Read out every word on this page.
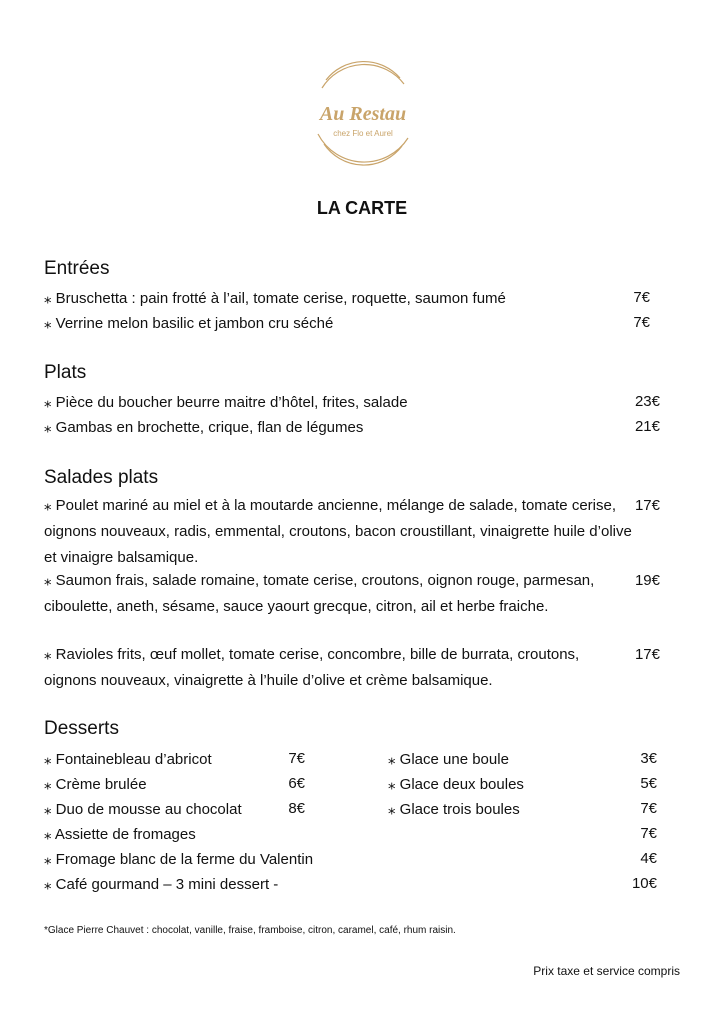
Au Restau
chez Flo et Aurel
LA CARTE
Entrées
⁎ Bruschetta : pain frotté à l’ail, tomate cerise, roquette, saumon fumé	7€
⁎ Verrine melon basilic et jambon cru séché	7€
Plats
⁎ Pièce du boucher beurre maitre d’hôtel, frites, salade	23€
⁎ Gambas en brochette, crique, flan de légumes	21€
Salades plats
⁎ Poulet mariné au miel et à la moutarde ancienne, mélange de salade, tomate cerise, oignons nouveaux, radis, emmental, croutons, bacon croustillant, vinaigrette huile d’olive et vinaigre balsamique.
17€
⁎ Saumon frais, salade romaine, tomate cerise, croutons, oignon rouge, parmesan, ciboulette, aneth, sésame, sauce yaourt grecque, citron, ail et herbe fraiche.
19€
⁎ Ravioles frits, œuf mollet, tomate cerise, concombre, bille de burrata, croutons, oignons nouveaux, vinaigrette à l’huile d’olive et crème balsamique.
17€
Desserts
⁎ Fontainebleau d’abricot	7€	⁎ Glace une boule	3€
⁎ Crème brulée	6€	⁎ Glace deux boules	5€
⁎ Duo de mousse au chocolat	8€	⁎ Glace trois boules	7€
⁎ Assiette de fromages	7€
⁎ Fromage blanc de la ferme du Valentin	4€
⁎ Café gourmand – 3 mini dessert -	10€
*Glace Pierre Chauvet : chocolat, vanille, fraise, framboise, citron, caramel, café, rhum raisin.
Prix taxe et service compris
